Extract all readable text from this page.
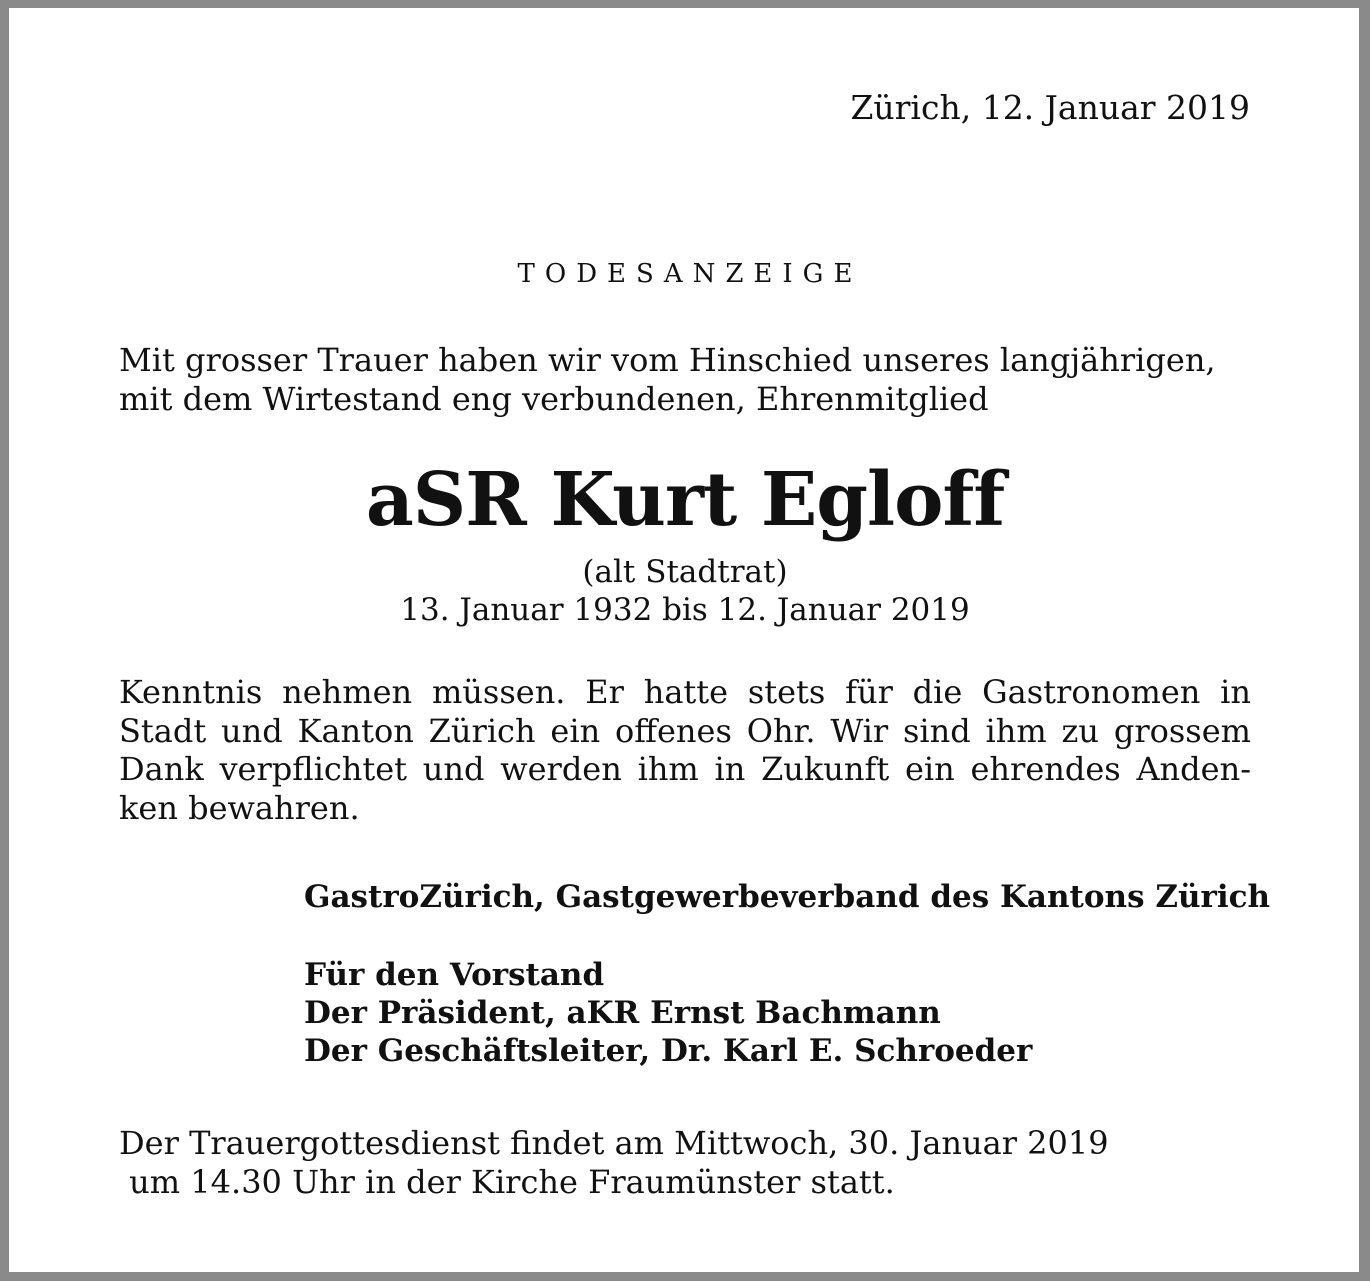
Zürich, 12. Januar 2019

TODESANZEIGE

Mit grosser Trauer haben wir vom Hinschied unseres langjährigen,
mit dem Wirtestand eng verbundenen, Ehrenmitglied

aSR Kurt Egloff

(alt Stadtrat)

13. Januar 1932 bis 12. Januar 2019

Kenntnis nehmen müssen. Er hatte stets für die Gastronomen in
Stadt und Kanton Zürich ein offenes Ohr. Wir sind ihm zu grossem
Dank verpflichtet und werden ihm in Zukunft ein ehrendes Anden-
ken bewahren.

GastroZürich, Gastgewerbeverband des Kantons Zürich

Für den Vorstand

Der Präsident, aKR Ernst Bachmann

Der Geschäftsleiter, Dr. Karl E. Schroeder

Der Trauergottesdienst findet am Mittwoch, 30. Januar 2019
um 14.30 Uhr in der Kirche Fraumünster statt.
